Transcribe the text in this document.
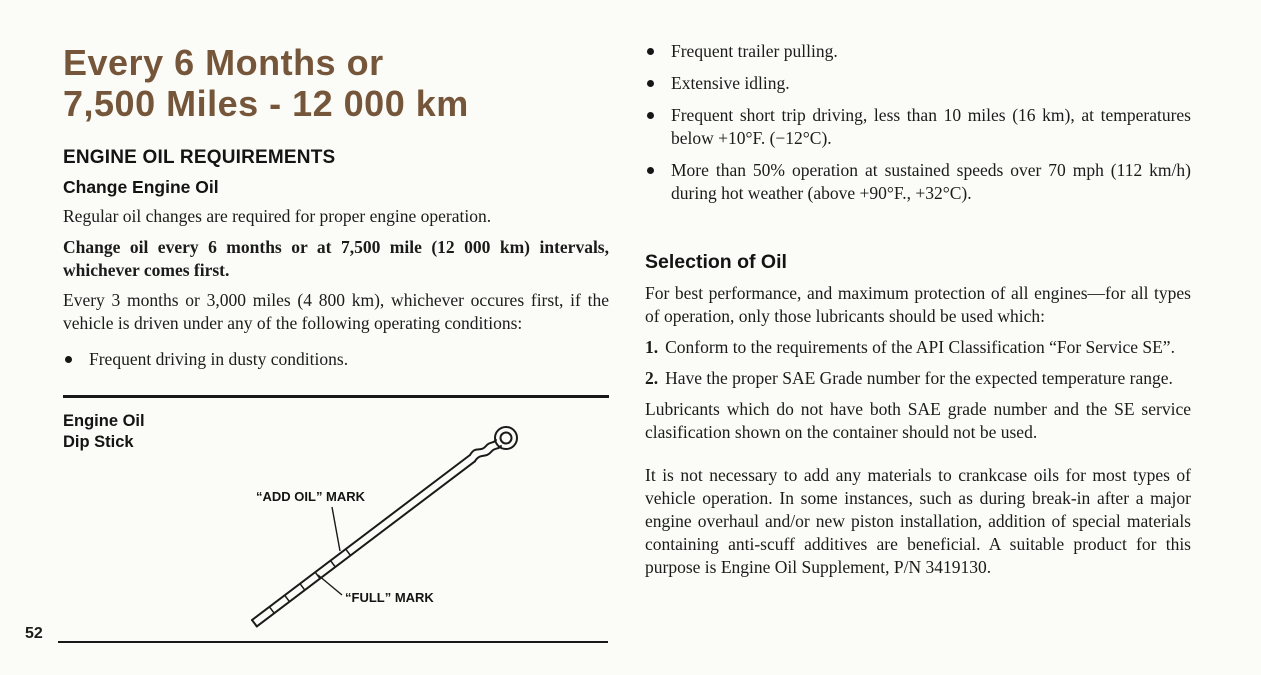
Every 6 Months or
7,500 Miles - 12 000 km
ENGINE OIL REQUIREMENTS
Change Engine Oil

Regular oil changes are required for proper engine operation.

Change oil every 6 months or at 7,500 mile (12 000 km) intervals, whichever comes first.

Every 3 months or 3,000 miles (4 800 km), whichever occures first, if the vehicle is driven under any of the following operating conditions:

Frequent driving in dusty conditions.
Engine Oil
Dip Stick
“ADD OIL” MARK
“FULL” MARK
52
Frequent trailer pulling.
Extensive idling.
Frequent short trip driving, less than 10 miles (16 km), at temperatures below +10°F. (−12°C).
More than 50% operation at sustained speeds over 70 mph (112 km/h) during hot weather (above +90°F., +32°C).
Selection of Oil

For best performance, and maximum protection of all engines—for all types of operation, only those lubricants should be used which:

1. Conform to the requirements of the API Classification “For Service SE”.

2. Have the proper SAE Grade number for the expected temperature range.

Lubricants which do not have both SAE grade number and the SE service clasification shown on the container should not be used.

It is not necessary to add any materials to crankcase oils for most types of vehicle operation. In some instances, such as during break-in after a major engine overhaul and/or new piston installation, addition of special materials containing anti-scuff additives are beneficial. A suitable product for this purpose is Engine Oil Supplement, P/N 3419130.
